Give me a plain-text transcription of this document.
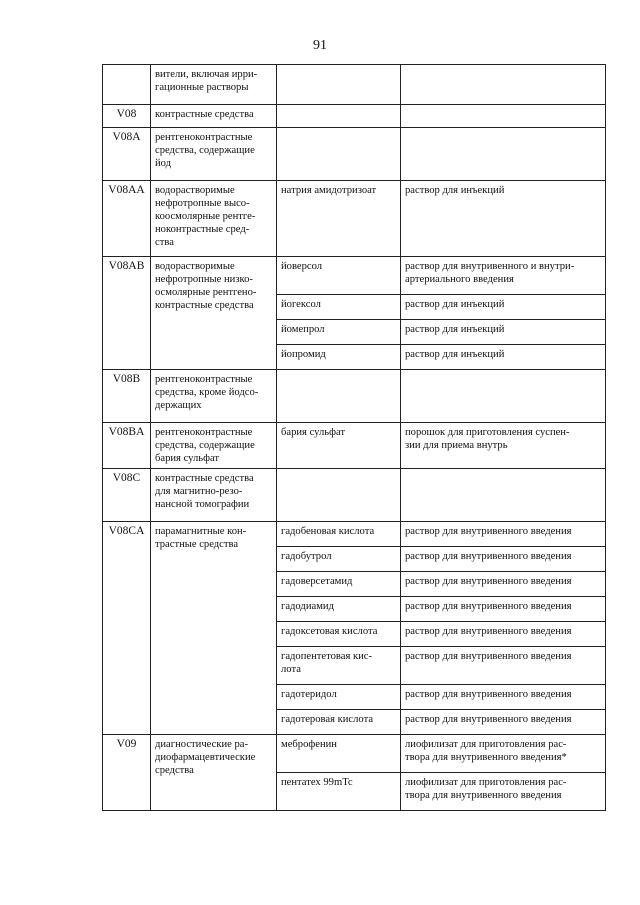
91
	вители, включая ирри-
гационные растворы		
V08	контрастные средства		
V08A	рентгеноконтрастные
средства, содержащие
йод		
V08AA	водорастворимые
нефротропные высо-
коосмолярные рентге-
ноконтрастные сред-
ства	натрия амидотризоат	раствор для инъекций
V08AB	водорастворимые
нефротропные низко-
осмолярные рентгено-
контрастные средства	йоверсол	раствор для внутривенного и внутри-
артериального введения
		йогексол	раствор для инъекций
		йомепрол	раствор для инъекций
		йопромид	раствор для инъекций
V08B	рентгеноконтрастные
средства, кроме йодсо-
держащих		
V08BA	рентгеноконтрастные
средства, содержащие
бария сульфат	бария сульфат	порошок для приготовления суспен-
зии для приема внутрь
V08C	контрастные средства
для магнитно-резо-
нансной томографии		
V08CA	парамагнитные кон-
трастные средства	гадобеновая кислота	раствор для внутривенного введения
		гадобутрол	раствор для внутривенного введения
		гадоверсетамид	раствор для внутривенного введения
		гадодиамид	раствор для внутривенного введения
		гадоксетовая кислота	раствор для внутривенного введения
		гадопентетовая кис-
лота	раствор для внутривенного введения
		гадотеридол	раствор для внутривенного введения
		гадотеровая кислота	раствор для внутривенного введения
V09	диагностические ра-
диофармацевтические
средства	меброфенин	лиофилизат для приготовления рас-
твора для внутривенного введения*
		пентатех 99mTc	лиофилизат для приготовления рас-
твора для внутривенного введения
